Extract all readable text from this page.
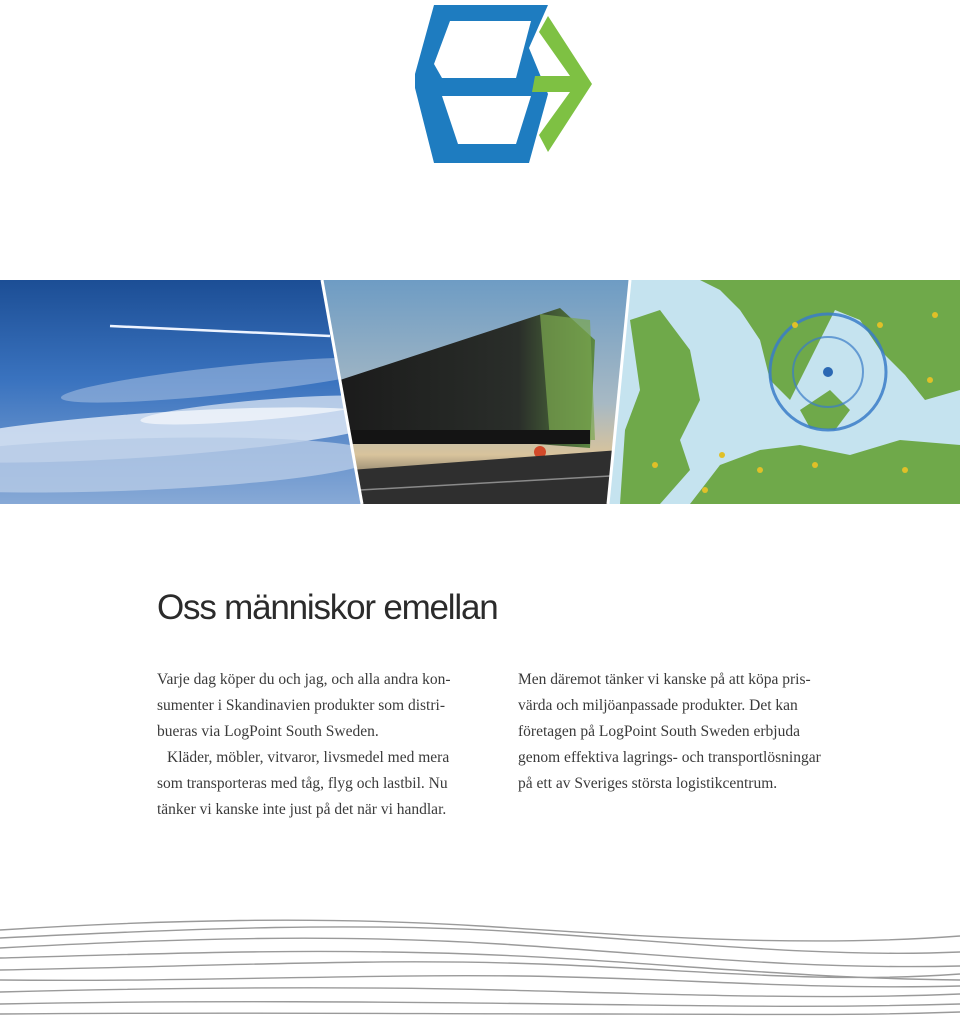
Oss människor emellan

Varje dag köper du och jag, och alla andra kon-
sumenter i Skandinavien produkter som distri-
bueras via LogPoint South Sweden.

Kläder, möbler, vitvaror, livsmedel med mera
som transporteras med tåg, flyg och lastbil. Nu
tänker vi kanske inte just på det när vi handlar.

Men däremot tänker vi kanske på att köpa pris-
värda och miljöanpassade produkter. Det kan
företagen på LogPoint South Sweden erbjuda
genom effektiva lagrings- och transportlösningar
på ett av Sveriges största logistikcentrum.
